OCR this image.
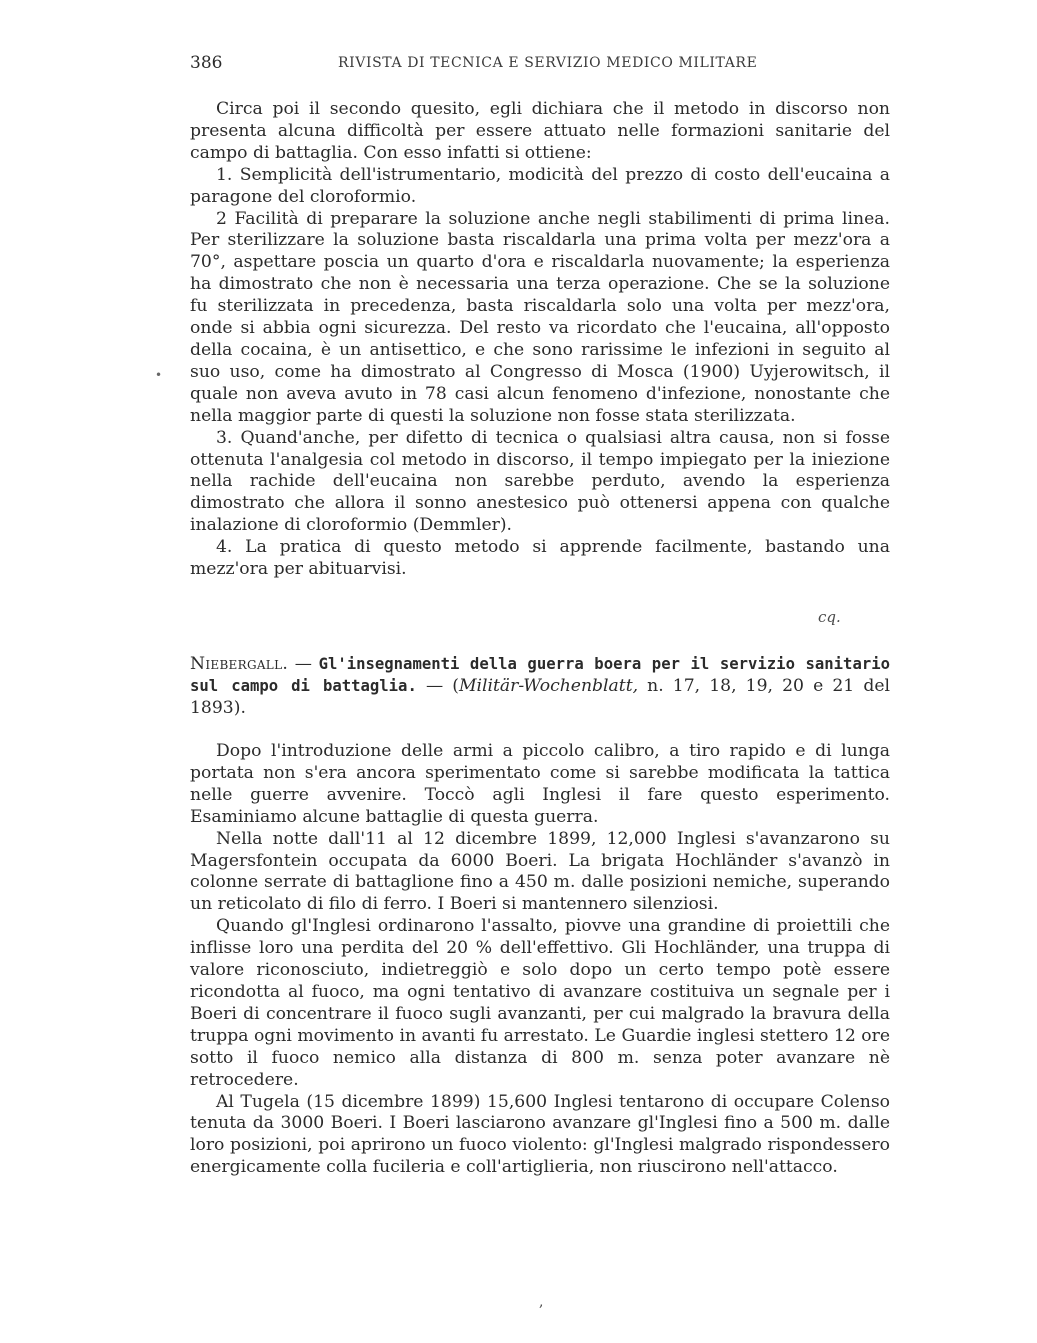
386	RIVISTA DI TECNICA E SERVIZIO MEDICO MILITARE
•

Circa poi il secondo quesito, egli dichiara che il metodo in discorso non presenta alcuna difficoltà per essere attuato nelle formazioni sanitarie del campo di battaglia. Con esso infatti si ottiene:

1. Semplicità dell'istrumentario, modicità del prezzo di costo dell'eucaina a paragone del cloroformio.

2 Facilità di preparare la soluzione anche negli stabilimenti di prima linea. Per sterilizzare la soluzione basta riscaldarla una prima volta per mezz'ora a 70°, aspettare poscia un quarto d'ora e riscaldarla nuovamente; la esperienza ha dimostrato che non è necessaria una terza operazione. Che se la soluzione fu sterilizzata in precedenza, basta riscaldarla solo una volta per mezz'ora, onde si abbia ogni sicurezza. Del resto va ricordato che l'eucaina, all'opposto della cocaina, è un antisettico, e che sono rarissime le infezioni in seguito al suo uso, come ha dimostrato al Congresso di Mosca (1900) Uyjerowitsch, il quale non aveva avuto in 78 casi alcun fenomeno d'infezione, nonostante che nella maggior parte di questi la soluzione non fosse stata sterilizzata.

3. Quand'anche, per difetto di tecnica o qualsiasi altra causa, non si fosse ottenuta l'analgesia col metodo in discorso, il tempo impiegato per la iniezione nella rachide dell'eucaina non sarebbe perduto, avendo la esperienza dimostrato che allora il sonno anestesico può ottenersi appena con qualche inalazione di cloroformio (Demmler).

4. La pratica di questo metodo si apprende facilmente, bastando una mezz'ora per abituarvisi.

cq.

Niebergall. — Gl'insegnamenti della guerra boera per il servizio sanitario sul campo di battaglia. — (Militär-Wochenblatt, n. 17, 18, 19, 20 e 21 del 1893).

Dopo l'introduzione delle armi a piccolo calibro, a tiro rapido e di lunga portata non s'era ancora sperimentato come si sarebbe modificata la tattica nelle guerre avvenire. Toccò agli Inglesi il fare questo esperimento. Esaminiamo alcune battaglie di questa guerra.

Nella notte dall'11 al 12 dicembre 1899, 12,000 Inglesi s'avanzarono su Magersfontein occupata da 6000 Boeri. La brigata Hochländer s'avanzò in colonne serrate di battaglione fino a 450 m. dalle posizioni nemiche, superando un reticolato di filo di ferro. I Boeri si mantennero silenziosi.

Quando gl'Inglesi ordinarono l'assalto, piovve una grandine di proiettili che inflisse loro una perdita del 20 % dell'effettivo. Gli Hochländer, una truppa di valore riconosciuto, indietreggiò e solo dopo un certo tempo potè essere ricondotta al fuoco, ma ogni tentativo di avanzare costituiva un segnale per i Boeri di concentrare il fuoco sugli avanzanti, per cui malgrado la bravura della truppa ogni movimento in avanti fu arrestato. Le Guardie inglesi stettero 12 ore sotto il fuoco nemico alla distanza di 800 m. senza poter avanzare nè retrocedere.

Al Tugela (15 dicembre 1899) 15,600 Inglesi tentarono di occupare Colenso tenuta da 3000 Boeri. I Boeri lasciarono avanzare gl'Inglesi fino a 500 m. dalle loro posizioni, poi aprirono un fuoco violento: gl'Inglesi malgrado rispondessero energicamente colla fucileria e coll'artiglieria, non riuscirono nell'attacco.

,
